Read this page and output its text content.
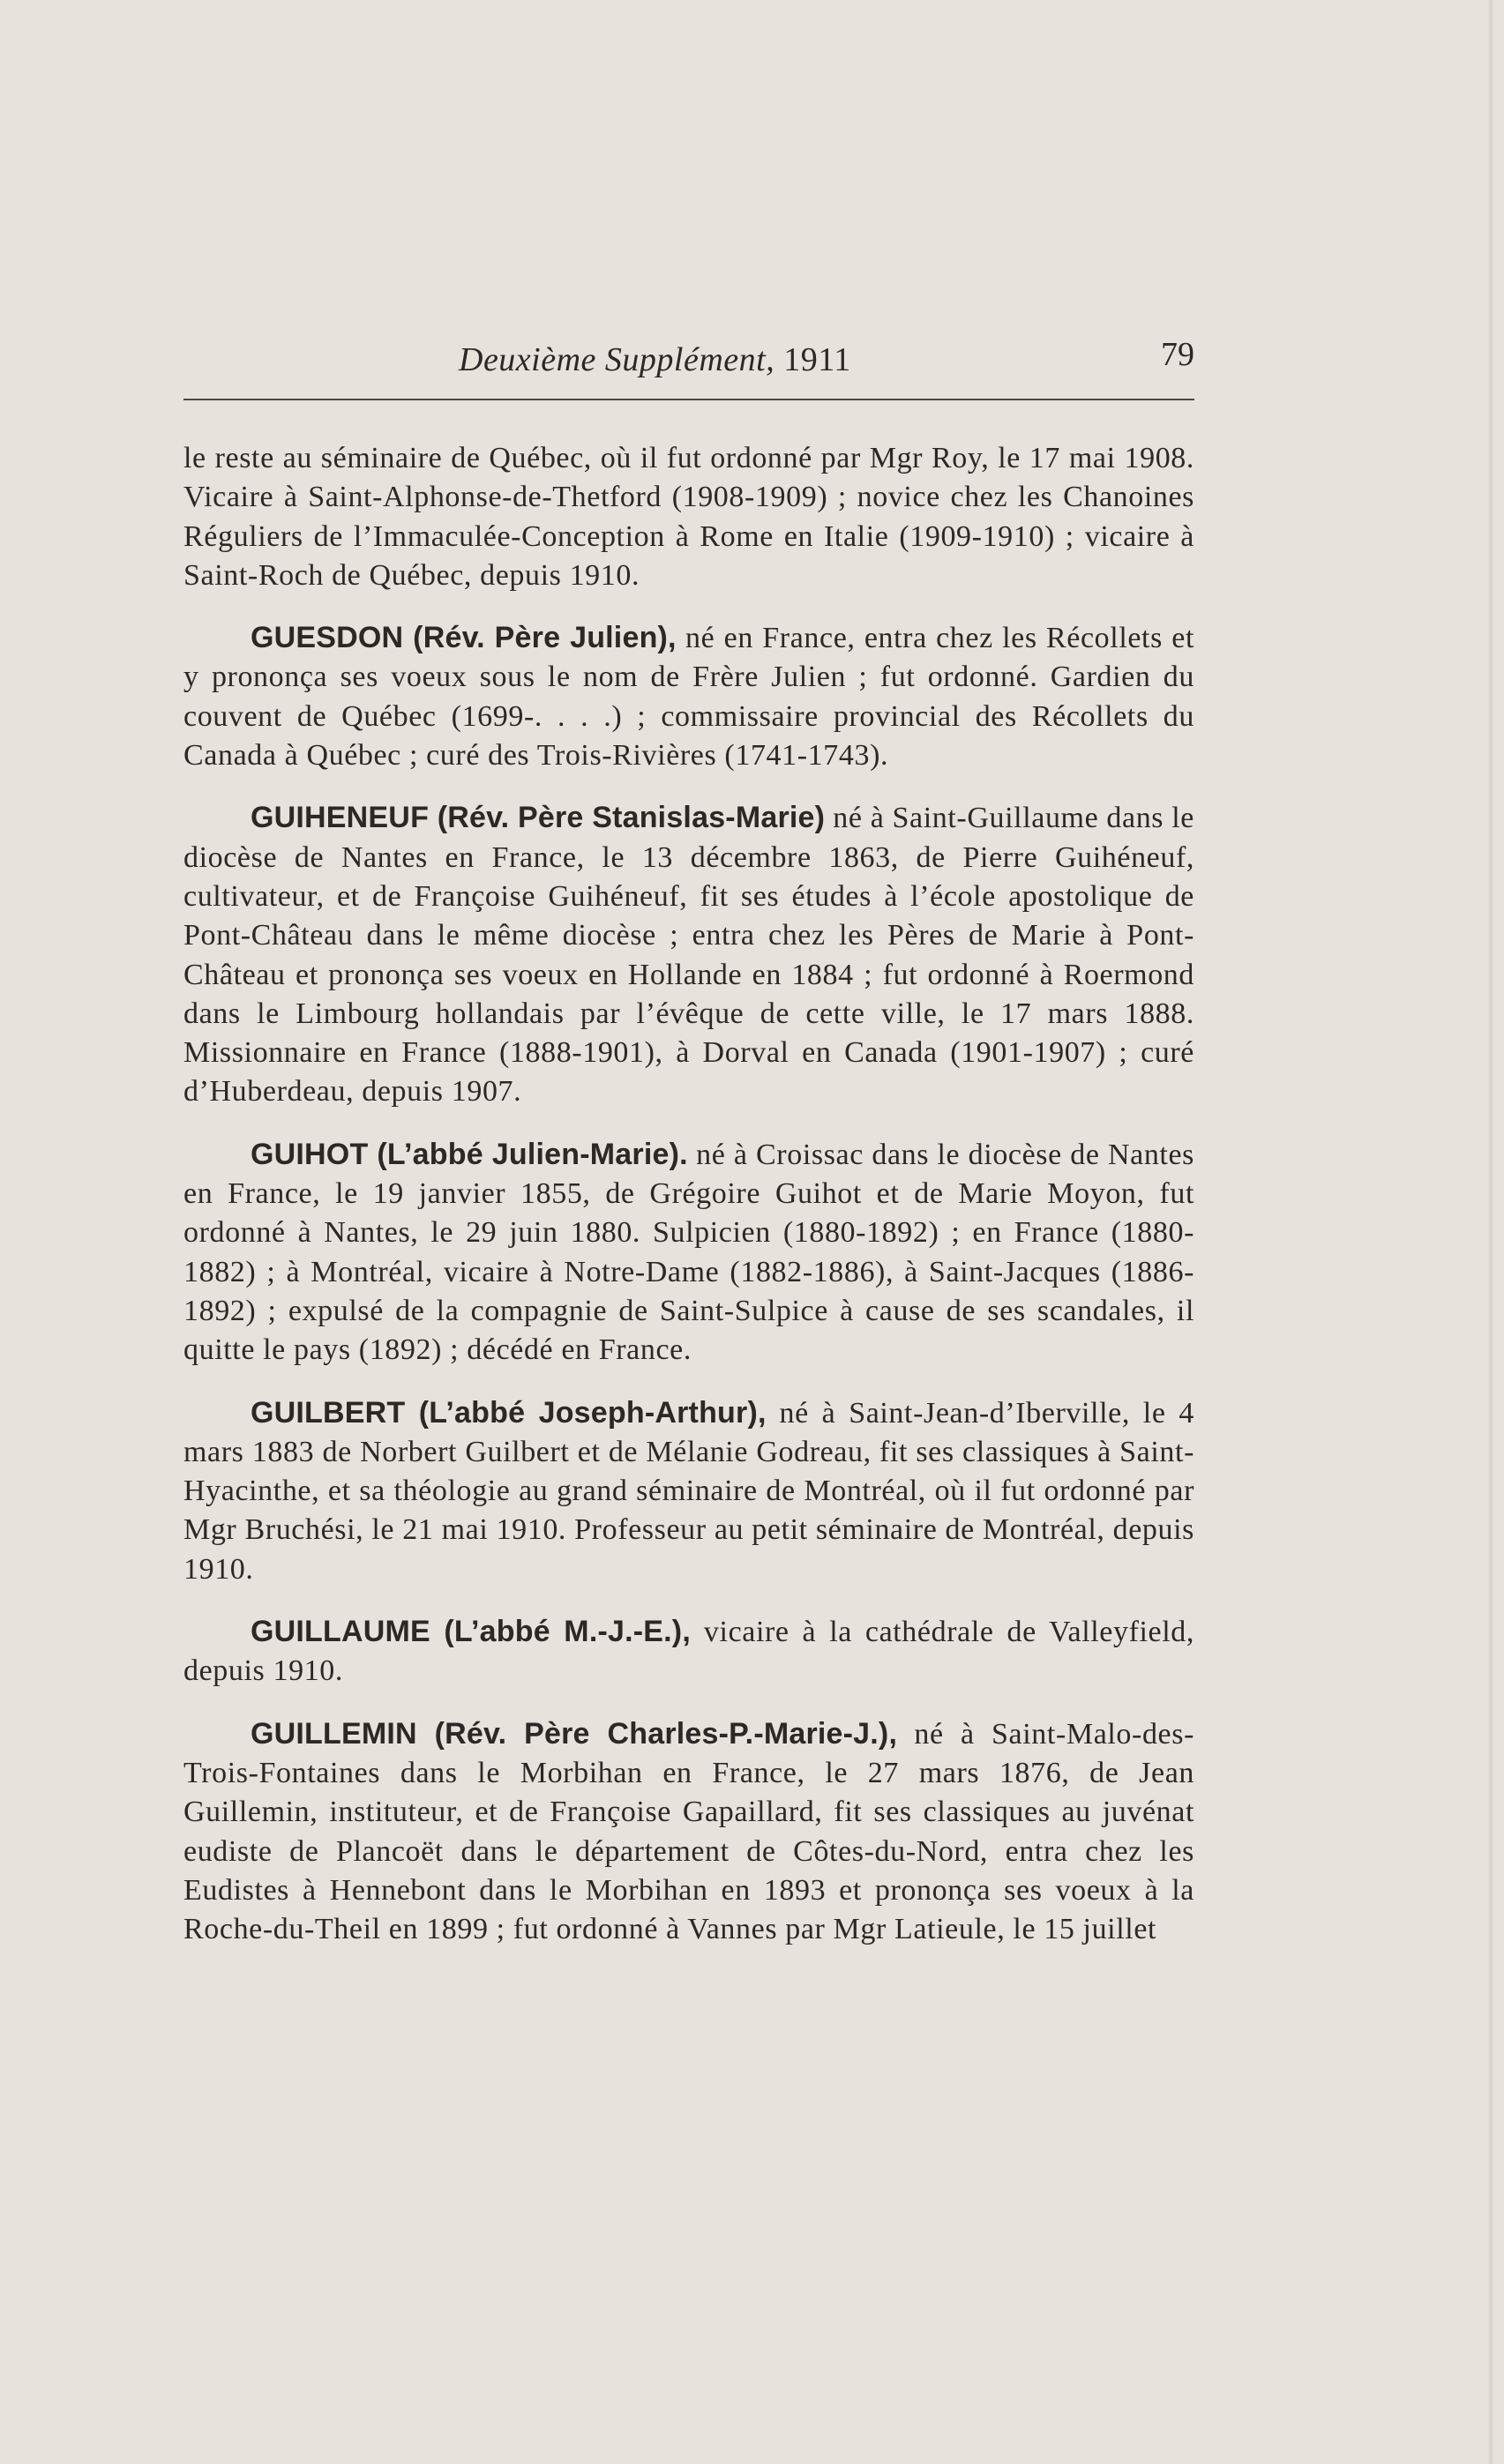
Deuxième Supplément, 1911	79

le reste au séminaire de Québec, où il fut ordonné par Mgr Roy, le 17 mai 1908. Vicaire à Saint-Alphonse-de-Thetford (1908-1909) ; novice chez les Chanoines Réguliers de l’Immaculée-Conception à Rome en Italie (1909-1910) ; vicaire à Saint-Roch de Québec, depuis 1910.

GUESDON (Rév. Père Julien), né en France, entra chez les Récollets et y prononça ses voeux sous le nom de Frère Julien ; fut ordonné. Gardien du couvent de Québec (1699-. . . .) ; commissaire provincial des Récollets du Canada à Québec ; curé des Trois-Rivières (1741-1743).

GUIHENEUF (Rév. Père Stanislas-Marie) né à Saint-Guillaume dans le diocèse de Nantes en France, le 13 décembre 1863, de Pierre Guihéneuf, cultivateur, et de Françoise Guihéneuf, fit ses études à l’école apostolique de Pont-Château dans le même diocèse ; entra chez les Pères de Marie à Pont-Château et prononça ses voeux en Hollande en 1884 ; fut ordonné à Roermond dans le Limbourg hollandais par l’évêque de cette ville, le 17 mars 1888. Missionnaire en France (1888-1901), à Dorval en Canada (1901-1907) ; curé d’Huberdeau, depuis 1907.

GUIHOT (L’abbé Julien-Marie). né à Croissac dans le diocèse de Nantes en France, le 19 janvier 1855, de Grégoire Guihot et de Marie Moyon, fut ordonné à Nantes, le 29 juin 1880. Sulpicien (1880-1892) ; en France (1880-1882) ; à Montréal, vicaire à Notre-Dame (1882-1886), à Saint-Jacques (1886-1892) ; expulsé de la compagnie de Saint-Sulpice à cause de ses scandales, il quitte le pays (1892) ; décédé en France.

GUILBERT (L’abbé Joseph-Arthur), né à Saint-Jean-d’Iberville, le 4 mars 1883 de Norbert Guilbert et de Mélanie Godreau, fit ses classiques à Saint-Hyacinthe, et sa théologie au grand séminaire de Montréal, où il fut ordonné par Mgr Bruchési, le 21 mai 1910. Professeur au petit séminaire de Montréal, depuis 1910.

GUILLAUME (L’abbé M.-J.-E.), vicaire à la cathédrale de Valleyfield, depuis 1910.

GUILLEMIN (Rév. Père Charles-P.-Marie-J.), né à Saint-Malo-des-Trois-Fontaines dans le Morbihan en France, le 27 mars 1876, de Jean Guillemin, instituteur, et de Françoise Gapaillard, fit ses classiques au juvénat eudiste de Plancoët dans le département de Côtes-du-Nord, entra chez les Eudistes à Hennebont dans le Morbihan en 1893 et prononça ses voeux à la Roche-du-Theil en 1899 ; fut ordonné à Vannes par Mgr Latieule, le 15 juillet
